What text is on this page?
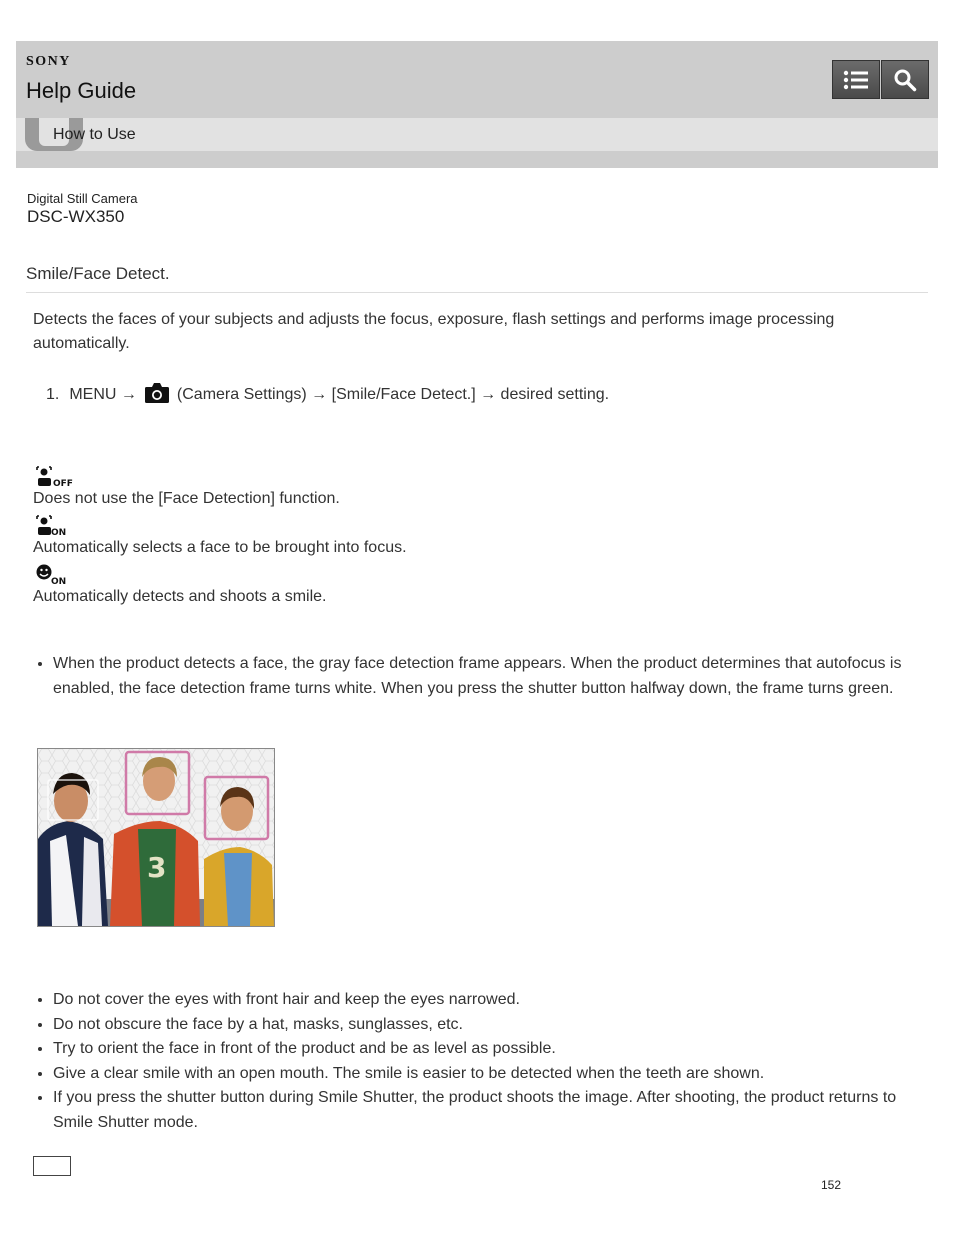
SONY
Help Guide
How to Use
Digital Still Camera
DSC-WX350
Smile/Face Detect.
Detects the faces of your subjects and adjusts the focus, exposure, flash settings and performs image processing automatically.
1. MENU →	(Camera Settings) → [Smile/Face Detect.] → desired setting.
OFF
Does not use the [Face Detection] function.
ON
Automatically selects a face to be brought into focus.
ON
Automatically detects and shoots a smile.
• When the product detects a face, the gray face detection frame appears. When the product determines that autofocus is enabled, the face detection frame turns white. When you press the shutter button halfway down, the frame turns green.
3
• Do not cover the eyes with front hair and keep the eyes narrowed.
• Do not obscure the face by a hat, masks, sunglasses, etc.
• Try to orient the face in front of the product and be as level as possible.
• Give a clear smile with an open mouth. The smile is easier to be detected when the teeth are shown.
• If you press the shutter button during Smile Shutter, the product shoots the image. After shooting, the product returns to Smile Shutter mode.
152
